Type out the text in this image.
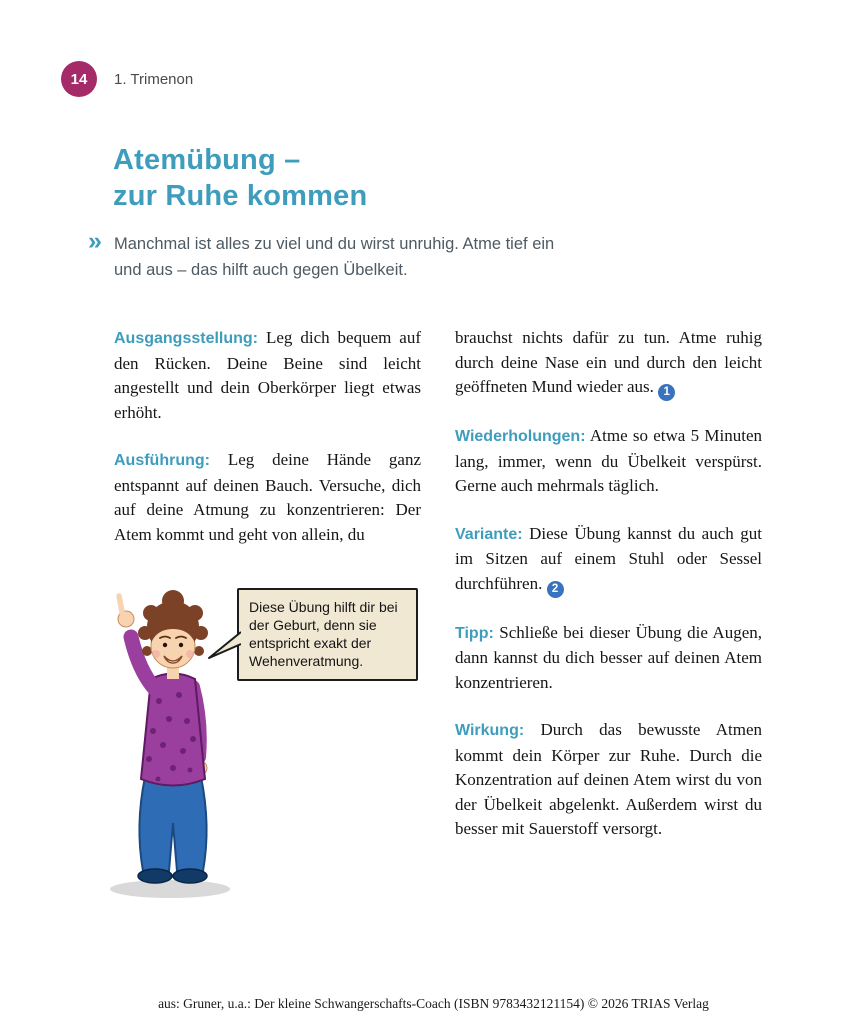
14 1. Trimenon
Atemübung –
zur Ruhe kommen
» Manchmal ist alles zu viel und du wirst unruhig. Atme tief ein und aus – das hilft auch gegen Übelkeit.

Ausgangsstellung: Leg dich bequem auf den Rücken. Deine Beine sind leicht angestellt und dein Oberkörper liegt etwas erhöht.

Ausführung: Leg deine Hände ganz entspannt auf deinen Bauch. Versuche, dich auf deine Atmung zu konzentrieren: Der Atem kommt und geht von allein, du

brauchst nichts dafür zu tun. Atme ruhig durch deine Nase ein und durch den leicht geöffneten Mund wieder aus. 1

Wiederholungen: Atme so etwa 5 Minuten lang, immer, wenn du Übelkeit verspürst. Gerne auch mehrmals täglich.

Variante: Diese Übung kannst du auch gut im Sitzen auf einem Stuhl oder Sessel durchführen. 2

Tipp: Schließe bei dieser Übung die Augen, dann kannst du dich besser auf deinen Atem konzentrieren.

Wirkung: Durch das bewusste Atmen kommt dein Körper zur Ruhe. Durch die Konzentration auf deinen Atem wirst du von der Übelkeit abgelenkt. Außerdem wirst du besser mit Sauerstoff versorgt.

Diese Übung hilft dir bei der Geburt, denn sie entspricht exakt der Wehenveratmung.
aus: Gruner, u.a.: Der kleine Schwangerschafts-Coach (ISBN 9783432121154) © 2026 TRIAS Verlag
